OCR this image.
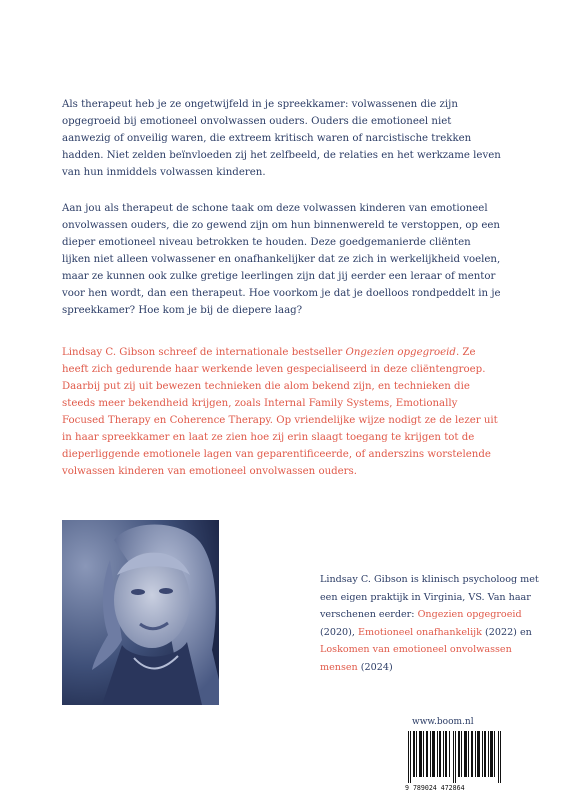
Als therapeut heb je ze ongetwijfeld in je spreekkamer: volwassenen die zijn opgegroeid bij emotioneel onvolwassen ouders. Ouders die emotioneel niet aanwezig of onveilig waren, die extreem kritisch waren of narcistische trekken hadden. Niet zelden beïnvloeden zij het zelfbeeld, de relaties en het werkzame leven van hun inmiddels volwassen kinderen.

Aan jou als therapeut de schone taak om deze volwassen kinderen van emotioneel onvolwassen ouders, die zo gewend zijn om hun binnenwereld te verstoppen, op een dieper emotioneel niveau betrokken te houden. Deze goedgemanierde cliënten lijken niet alleen volwassener en onafhankelijker dat ze zich in werkelijkheid voelen, maar ze kunnen ook zulke gretige leerlingen zijn dat jij eerder een leraar of mentor voor hen wordt, dan een therapeut. Hoe voorkom je dat je doelloos rondpeddelt in je spreekkamer? Hoe kom je bij de diepere laag?

Lindsay C. Gibson schreef de internationale bestseller Ongezien opgegroeid. Ze heeft zich gedurende haar werkende leven gespecialiseerd in deze cliëntengroep. Daarbij put zij uit bewezen technieken die alom bekend zijn, en technieken die steeds meer bekendheid krijgen, zoals Internal Family Systems, Emotionally Focused Therapy en Coherence Therapy. Op vriendelijke wijze nodigt ze de lezer uit in haar spreekkamer en laat ze zien hoe zij erin slaagt toegang te krijgen tot de dieperliggende emotionele lagen van geparentificeerde, of anderszins worstelende volwassen kinderen van emotioneel onvolwassen ouders.

Lindsay C. Gibson is klinisch psycholoog met een eigen praktijk in Virginia, VS. Van haar verschenen eerder: Ongezien opgegroeid (2020), Emotioneel onafhankelijk (2022) en Loskomen van emotioneel onvolwassen mensen (2024)

www.boom.nl
9 789024 472864
